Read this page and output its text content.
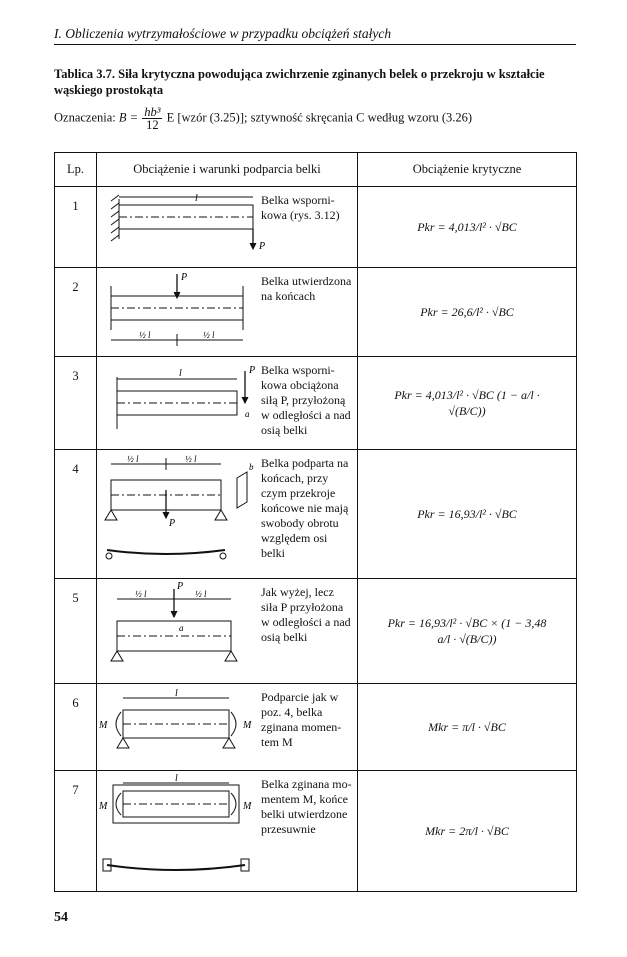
I. Obliczenia wytrzymałościowe w przypadku obciążeń stałych
Tablica 3.7. Siła krytyczna powodująca zwichrzenie zginanych belek o przekroju w kształcie wąskiego prostokąta
Oznaczenia: $B = \frac{\text{hb³}}{12}$ E [wzór (3.25)]; sztywność skręcania C według wzoru (3.26)
Lp.	Obciążenie i warunki podparcia belki	Obciążenie krytyczne
1	l
P
Belka wsporni-kowa (rys. 3.12)	Pkr = 4,013/l² · √BC
2	P
½ l ½ l
Belka utwierdzona na końcach	Pkr = 26,6/l² · √BC
3	l P
a
Belka wsporni-kowa obciążona siłą P, przyłożoną w odległości a nad osią belki	Pkr = 4,013/l² · √BC (1 − a/l · √(B/C))
4	½ l ½ l
P
b Belka podparta na końcach, przy czym przekroje końcowe nie mają swobody obrotu względem osi belki	Pkr = 16,93/l² · √BC
5	P
½ l ½ l
a
Jak wyżej, lecz siła P przyłożona w odległości a nad osią belki	Pkr = 16,93/l² · √BC × (1 − 3,48 a/l · √(B/C))
6	l
M M
Podparcie jak w poz. 4, belka zginana momen-tem M	Mkr = π/l · √BC
7	l
M M
Belka zginana mo-mentem M, końce belki utwierdzone przesuwnie	Mkr = 2π/l · √BC
54
